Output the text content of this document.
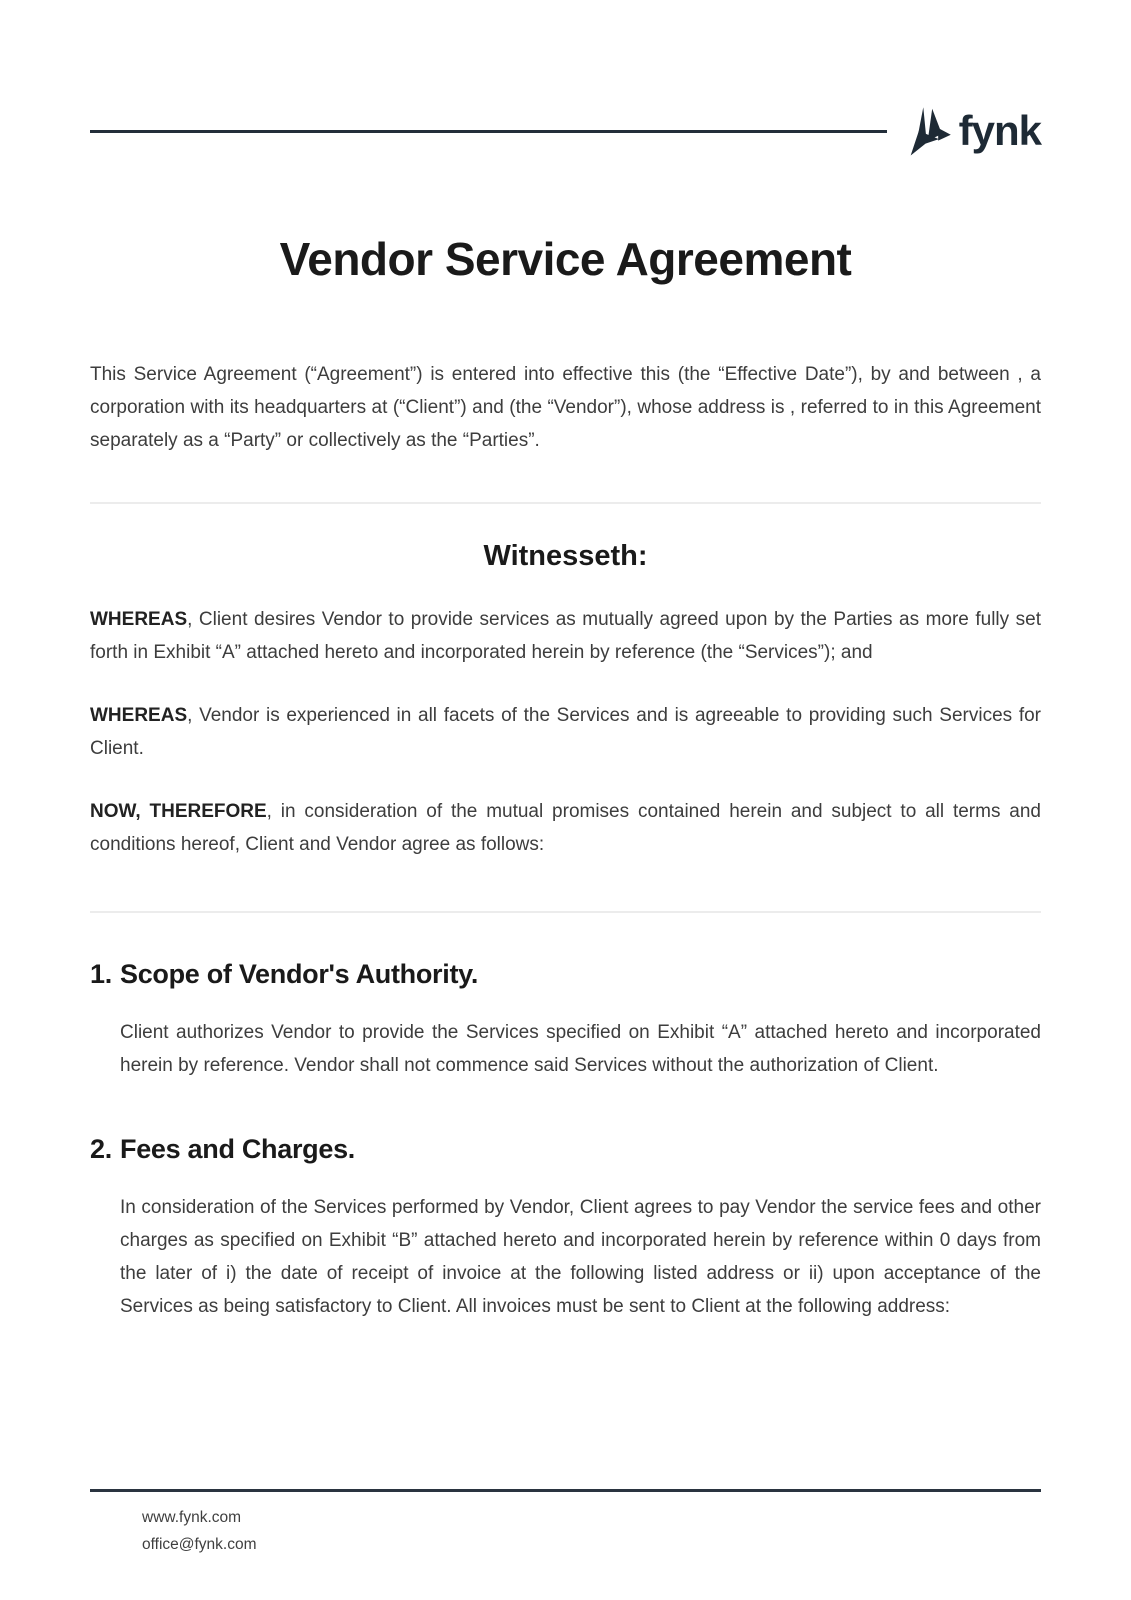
fynk
Vendor Service Agreement

This Service Agreement (“Agreement”) is entered into effective this (the “Effective Date”), by and between , a corporation with its headquarters at (“Client”) and (the “Vendor”), whose address is , referred to in this Agreement separately as a “Party” or collectively as the “Parties”.

Witnesseth:

WHEREAS, Client desires Vendor to provide services as mutually agreed upon by the Parties as more fully set forth in Exhibit “A” attached hereto and incorporated herein by reference (the “Services”); and

WHEREAS, Vendor is experienced in all facets of the Services and is agreeable to providing such Services for Client.

NOW, THEREFORE, in consideration of the mutual promises contained herein and subject to all terms and conditions hereof, Client and Vendor agree as follows:

1. Scope of Vendor's Authority.

Client authorizes Vendor to provide the Services specified on Exhibit “A” attached hereto and incorporated herein by reference. Vendor shall not commence said Services without the authorization of Client.

2. Fees and Charges.

In consideration of the Services performed by Vendor, Client agrees to pay Vendor the service fees and other charges as specified on Exhibit “B” attached hereto and incorporated herein by reference within 0 days from the later of i) the date of receipt of invoice at the following listed address or ii) upon acceptance of the Services as being satisfactory to Client. All invoices must be sent to Client at the following address:

www.fynk.com
office@fynk.com
